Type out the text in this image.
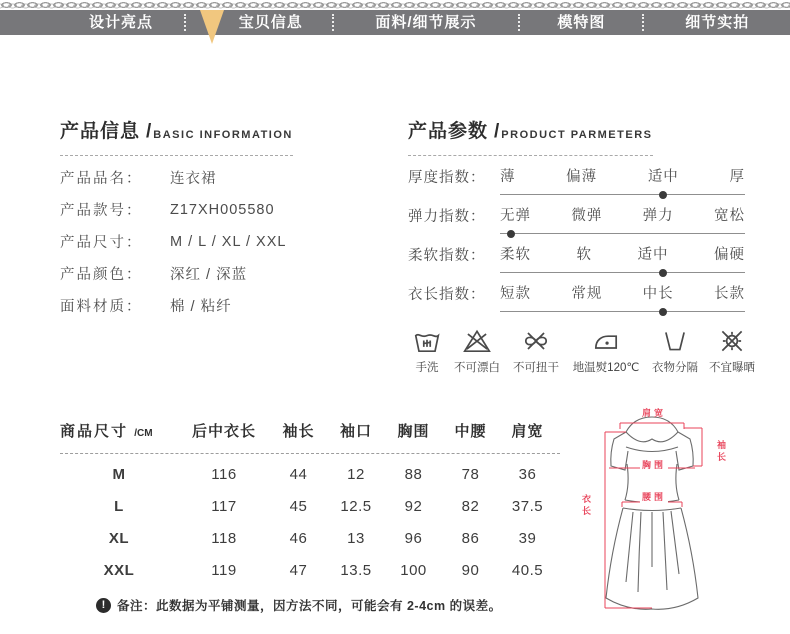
设计亮点	宝贝信息	面料/细节展示	模特图	细节实拍
产品信息 / BASIC INFORMATION
产品品名：	连衣裙
产品款号：	Z17XH005580
产品尺寸：	M / L / XL / XXL
产品颜色：	深红 / 深蓝
面料材质：	棉 / 粘纤
产品参数 / PRODUCT PARMETERS
厚度指数：	薄	偏薄	适中	厚
弹力指数：	无弹	微弹	弹力	宽松
柔软指数：	柔软	软	适中	偏硬
衣长指数：	短款	常规	中长	长款
手洗 不可漂白 不可扭干 地温熨120℃ 衣物分隔 不宜曝晒
商品尺寸 /CM	后中衣长	袖长	袖口	胸围	中腰	肩宽
M	116	44	12	88	78	36
L	117	45	12.5	92	82	37.5
XL	118	46	13	96	86	39
XXL	119	47	13.5	100	90	40.5
! 备注：此数据为平铺测量，因方法不同，可能会有 2-4cm 的误差。
肩宽
袖长
胸围
腰围
衣长
